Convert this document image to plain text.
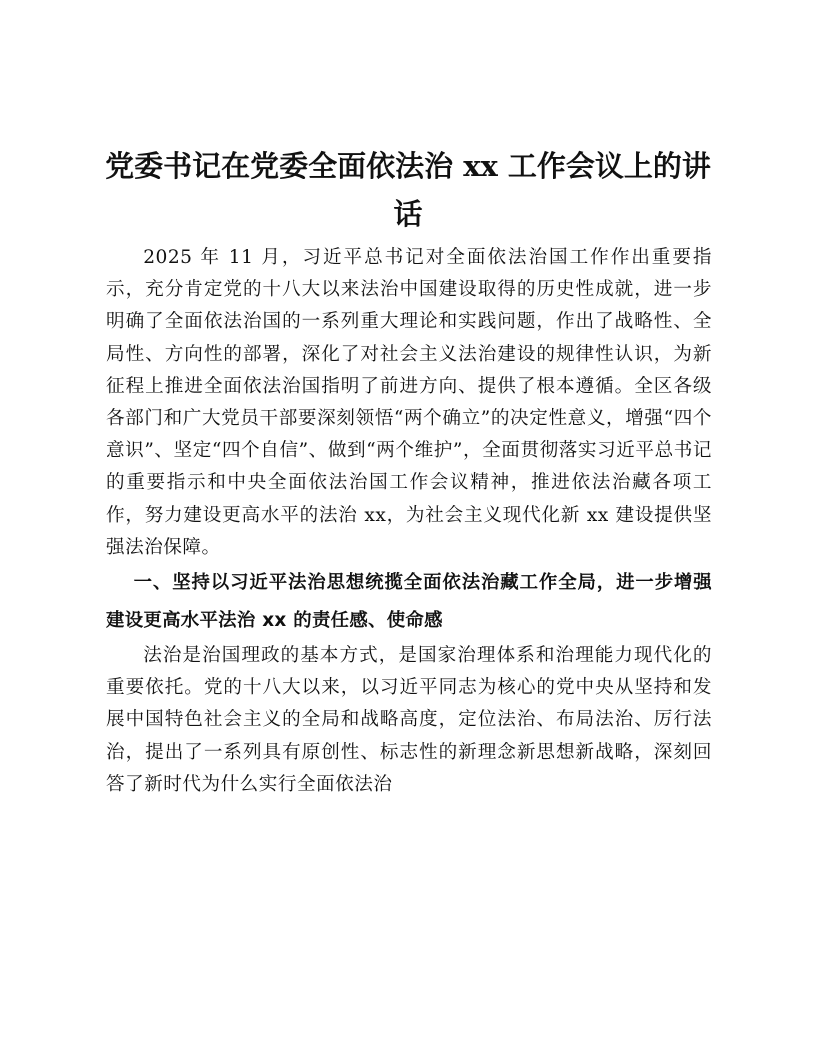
党委书记在党委全面依法治 xx 工作会议上的讲话

2025 年 11 月，习近平总书记对全面依法治国工作作出重要指示，充分肯定党的十八大以来法治中国建设取得的历史性成就，进一步明确了全面依法治国的一系列重大理论和实践问题，作出了战略性、全局性、方向性的部署，深化了对社会主义法治建设的规律性认识，为新征程上推进全面依法治国指明了前进方向、提供了根本遵循。全区各级各部门和广大党员干部要深刻领悟“两个确立”的决定性意义，增强“四个意识”、坚定“四个自信”、做到“两个维护”，全面贯彻落实习近平总书记的重要指示和中央全面依法治国工作会议精神，推进依法治藏各项工作，努力建设更高水平的法治 xx，为社会主义现代化新 xx 建设提供坚强法治保障。

一、坚持以习近平法治思想统揽全面依法治藏工作全局，进一步增强建设更高水平法治 xx 的责任感、使命感

法治是治国理政的基本方式，是国家治理体系和治理能力现代化的重要依托。党的十八大以来，以习近平同志为核心的党中央从坚持和发展中国特色社会主义的全局和战略高度，定位法治、布局法治、厉行法治，提出了一系列具有原创性、标志性的新理念新思想新战略，深刻回答了新时代为什么实行全面依法治
